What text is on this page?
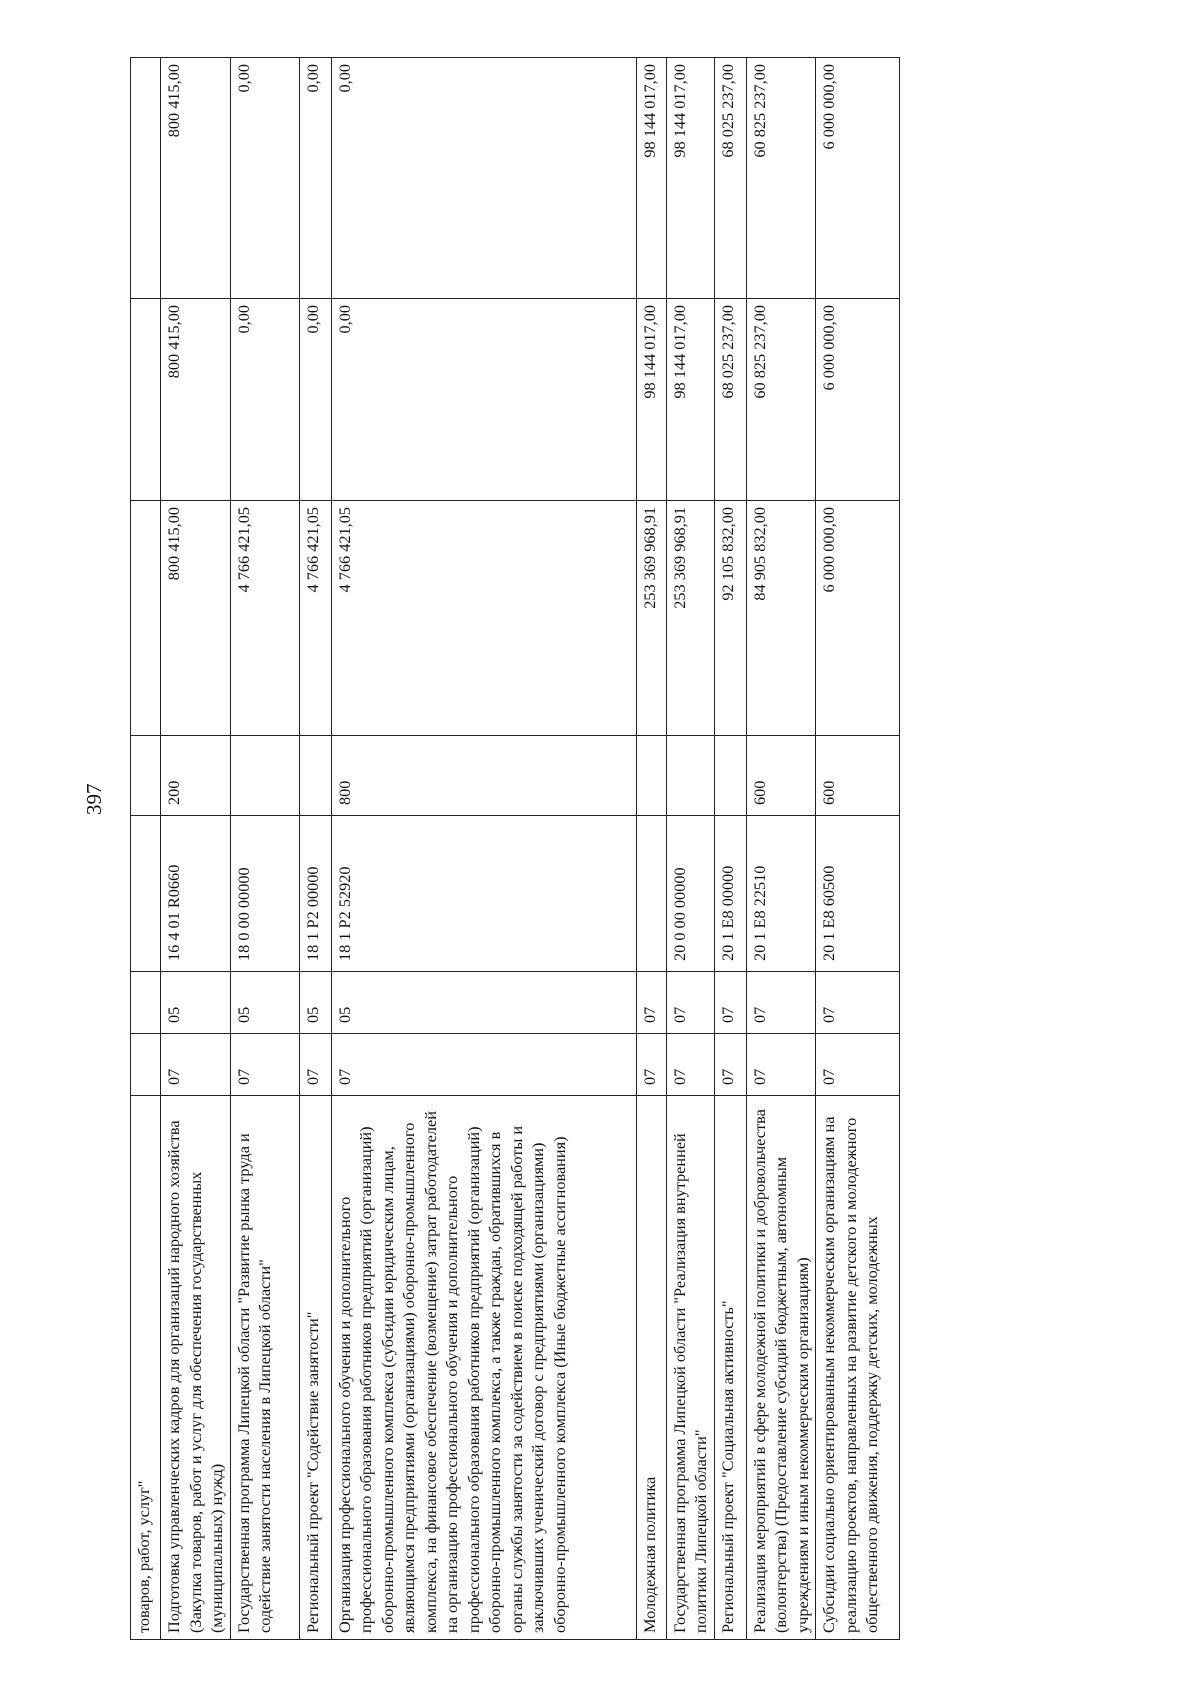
397
товаров, работ, услуг"							
Подготовка управленческих кадров для организаций народного хозяйства (Закупка товаров, работ и услуг для обеспечения государственных (муниципальных) нужд)	07	05	16 4 01 R0660	200	800 415,00	800 415,00	800 415,00
Государственная программа Липецкой области "Развитие рынка труда и содействие занятости населения в Липецкой области"	07	05	18 0 00 00000		4 766 421,05	0,00	0,00
Региональный проект "Содействие занятости"	07	05	18 1 P2 00000		4 766 421,05	0,00	0,00
Организация профессионального обучения и дополнительного профессионального образования работников предприятий (организаций) оборонно-промышленного комплекса (субсидии юридическим лицам, являющимся предприятиями (организациями) оборонно-промышленного комплекса, на финансовое обеспечение (возмещение) затрат работодателей на организацию профессионального обучения и дополнительного профессионального образования работников предприятий (организаций) оборонно-промышленного комплекса, а также граждан, обратившихся в органы службы занятости за содействием в поиске подходящей работы и заключивших ученический договор с предприятиями (организациями) оборонно-промышленного комплекса (Иные бюджетные ассигнования)	07	05	18 1 P2 52920	800	4 766 421,05	0,00	0,00
Молодежная политика	07	07			253 369 968,91	98 144 017,00	98 144 017,00
Государственная программа Липецкой области "Реализация внутренней политики Липецкой области"	07	07	20 0 00 00000		253 369 968,91	98 144 017,00	98 144 017,00
Региональный проект "Социальная активность"	07	07	20 1 E8 00000		92 105 832,00	68 025 237,00	68 025 237,00
Реализация мероприятий в сфере молодежной политики и добровольчества (волонтерства) (Предоставление субсидий бюджетным, автономным учреждениям и иным некоммерческим организациям)	07	07	20 1 E8 22510	600	84 905 832,00	60 825 237,00	60 825 237,00
Субсидии социально ориентированным некоммерческим организациям на реализацию проектов, направленных на развитие детского и молодежного общественного движения, поддержку детских, молодежных	07	07	20 1 E8 60500	600	6 000 000,00	6 000 000,00	6 000 000,00
